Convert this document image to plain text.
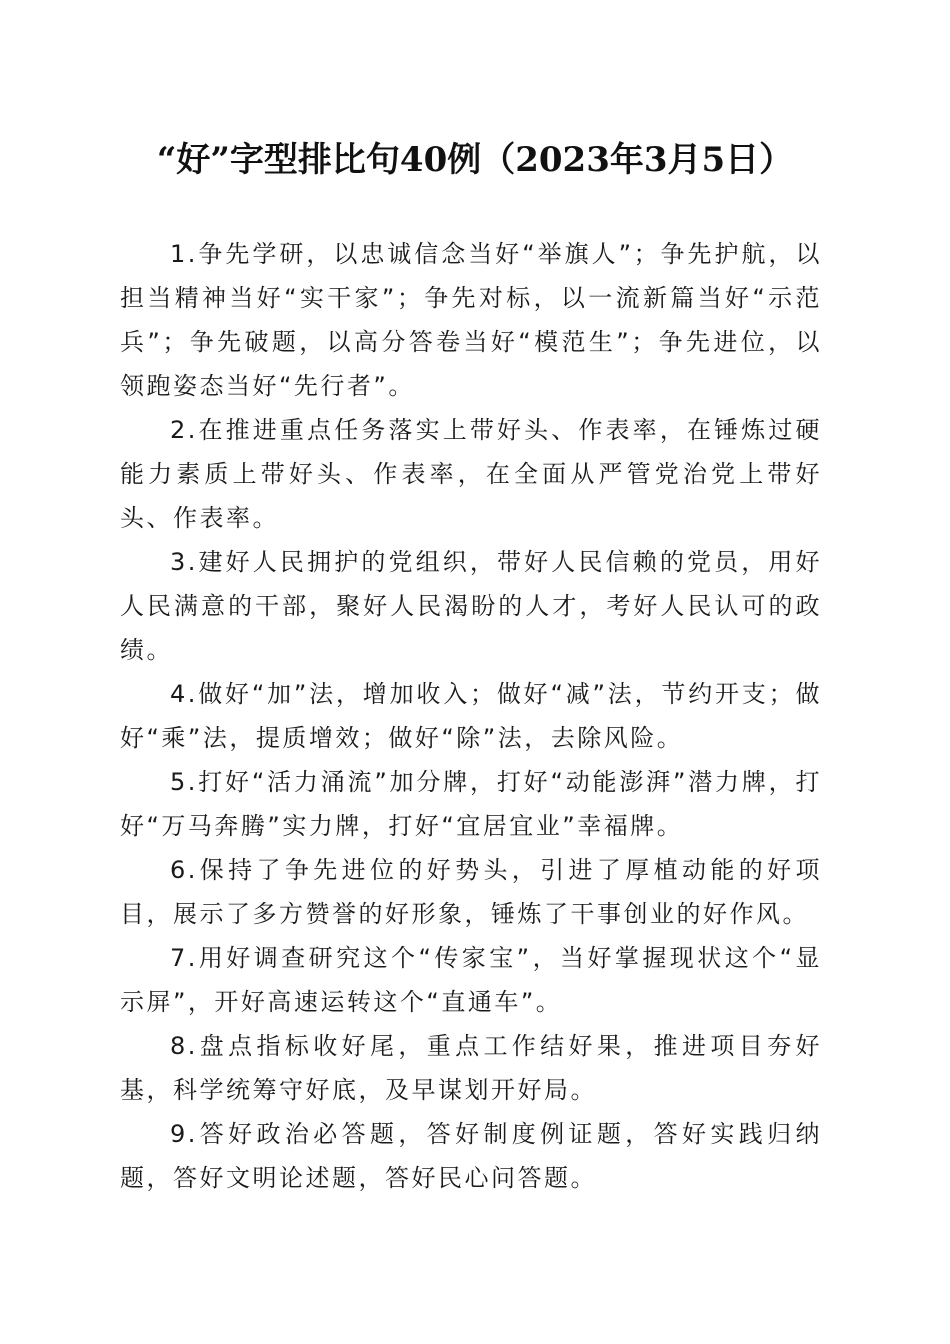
“好”字型排比句40例（2023年3月5日）

1.争先学研，以忠诚信念当好“举旗人”；争先护航，以担当精神当好“实干家”；争先对标，以一流新篇当好“示范兵”；争先破题，以高分答卷当好“模范生”；争先进位，以领跑姿态当好“先行者”。

2.在推进重点任务落实上带好头、作表率，在锤炼过硬能力素质上带好头、作表率，在全面从严管党治党上带好头、作表率。

3.建好人民拥护的党组织，带好人民信赖的党员，用好人民满意的干部，聚好人民渴盼的人才，考好人民认可的政绩。

4.做好“加”法，增加收入；做好“减”法，节约开支；做好“乘”法，提质增效；做好“除”法，去除风险。

5.打好“活力涌流”加分牌，打好“动能澎湃”潜力牌，打好“万马奔腾”实力牌，打好“宜居宜业”幸福牌。

6.保持了争先进位的好势头，引进了厚植动能的好项目，展示了多方赞誉的好形象，锤炼了干事创业的好作风。

7.用好调查研究这个“传家宝”，当好掌握现状这个“显示屏”，开好高速运转这个“直通车”。

8.盘点指标收好尾，重点工作结好果，推进项目夯好基，科学统筹守好底，及早谋划开好局。

9.答好政治必答题，答好制度例证题，答好实践归纳题，答好文明论述题，答好民心问答题。
